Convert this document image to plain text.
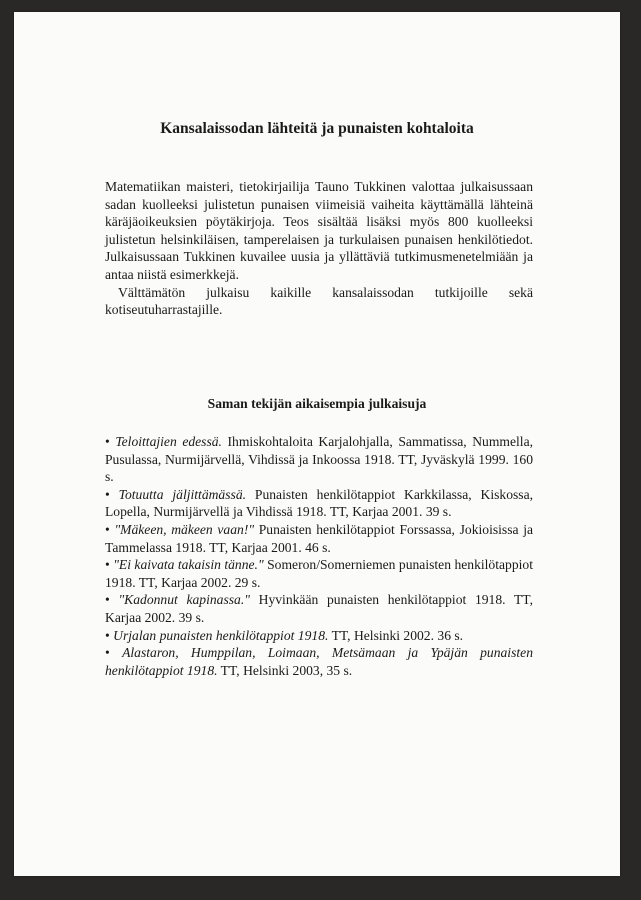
Kansalaissodan lähteitä ja punaisten kohtaloita

Matematiikan maisteri, tietokirjailija Tauno Tukkinen valottaa julkaisussaan sadan kuolleeksi julistetun punaisen viimeisiä vaiheita käyttämällä lähteinä käräjäoikeuksien pöytäkirjoja. Teos sisältää lisäksi myös 800 kuolleeksi julistetun helsinkiläisen, tamperelaisen ja turkulaisen punaisen henkilötiedot. Julkaisussaan Tukkinen kuvailee uusia ja yllättäviä tutkimusmenetelmiään ja antaa niistä esimerkkejä.

Välttämätön julkaisu kaikille kansalaissodan tutkijoille sekä kotiseutuharrastajille.

Saman tekijän aikaisempia julkaisuja

• Teloittajien edessä. Ihmiskohtaloita Karjalohjalla, Sammatissa, Nummella, Pusulassa, Nurmijärvellä, Vihdissä ja Inkoossa 1918. TT, Jyväskylä 1999. 160 s.

• Totuutta jäljittämässä. Punaisten henkilötappiot Karkkilassa, Kiskossa, Lopella, Nurmijärvellä ja Vihdissä 1918. TT, Karjaa 2001. 39 s.

• "Mäkeen, mäkeen vaan!" Punaisten henkilötappiot Forssassa, Jokioisissa ja Tammelassa 1918. TT, Karjaa 2001. 46 s.

• "Ei kaivata takaisin tänne." Someron/Somerniemen punaisten henkilötappiot 1918. TT, Karjaa 2002. 29 s.

• "Kadonnut kapinassa." Hyvinkään punaisten henkilötappiot 1918. TT, Karjaa 2002. 39 s.

• Urjalan punaisten henkilötappiot 1918. TT, Helsinki 2002. 36 s.

• Alastaron, Humppilan, Loimaan, Metsämaan ja Ypäjän punaisten henkilötappiot 1918. TT, Helsinki 2003, 35 s.
